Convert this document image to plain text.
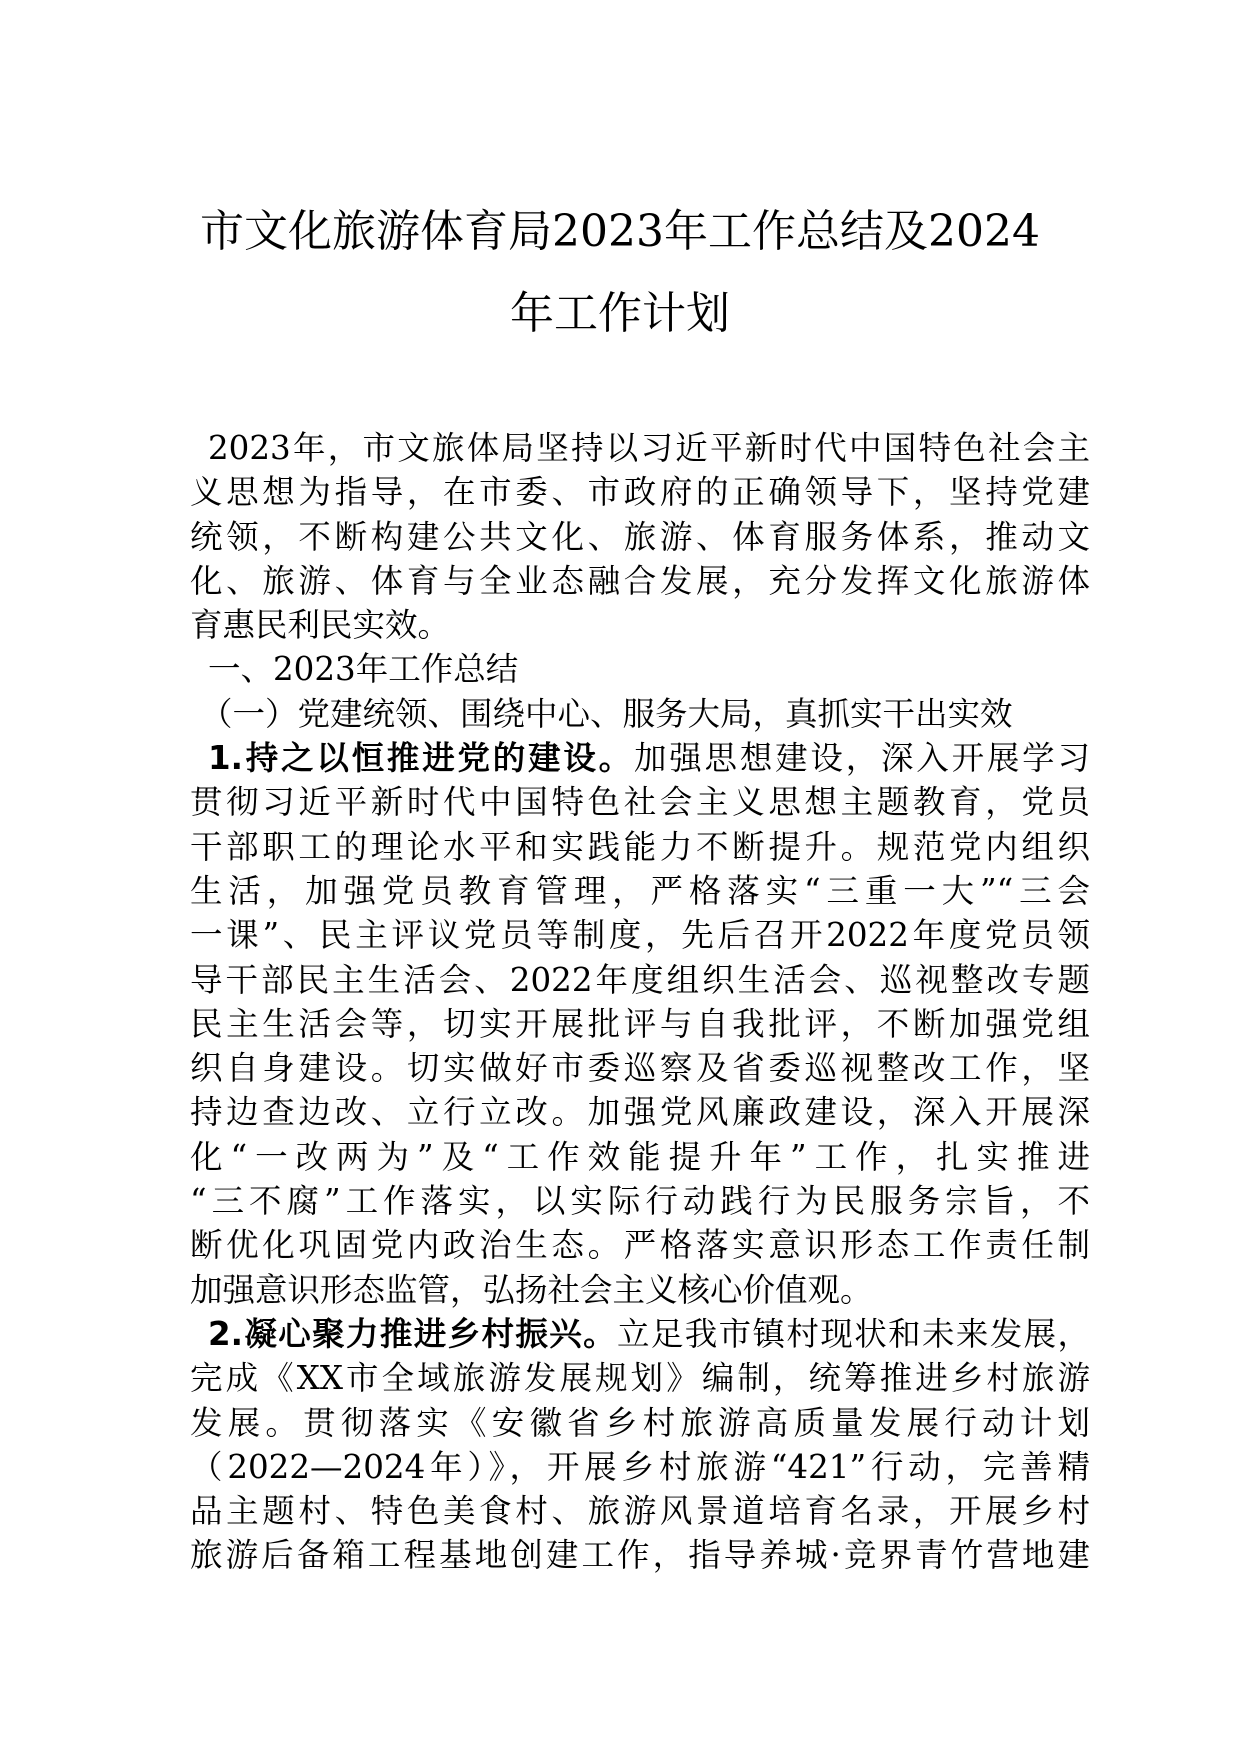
市文化旅游体育局2023年工作总结及2024
年工作计划
2023年，市文旅体局坚持以习近平新时代中国特色社会主
义思想为指导，在市委、市政府的正确领导下，坚持党建
统领，不断构建公共文化、旅游、体育服务体系，推动文
化、旅游、体育与全业态融合发展，充分发挥文化旅游体
育惠民利民实效。
一、2023年工作总结
（一）党建统领、围绕中心、服务大局，真抓实干出实效
1.持之以恒推进党的建设。加强思想建设，深入开展学习
贯彻习近平新时代中国特色社会主义思想主题教育，党员
干部职工的理论水平和实践能力不断提升。规范党内组织
生活，加强党员教育管理，严格落实“三重一大”“三会
一课”、民主评议党员等制度，先后召开2022年度党员领
导干部民主生活会、2022年度组织生活会、巡视整改专题
民主生活会等，切实开展批评与自我批评，不断加强党组
织自身建设。切实做好市委巡察及省委巡视整改工作，坚
持边查边改、立行立改。加强党风廉政建设，深入开展深
化“一改两为”及“工作效能提升年”工作，扎实推进
“三不腐”工作落实，以实际行动践行为民服务宗旨，不
断优化巩固党内政治生态。严格落实意识形态工作责任制
加强意识形态监管，弘扬社会主义核心价值观。
2.凝心聚力推进乡村振兴。立足我市镇村现状和未来发展，
完成《XX市全域旅游发展规划》编制，统筹推进乡村旅游
发展。贯彻落实《安徽省乡村旅游高质量发展行动计划
（2022—2024年）》，开展乡村旅游“421”行动，完善精
品主题村、特色美食村、旅游风景道培育名录，开展乡村
旅游后备箱工程基地创建工作，指导养城·竞界青竹营地建
